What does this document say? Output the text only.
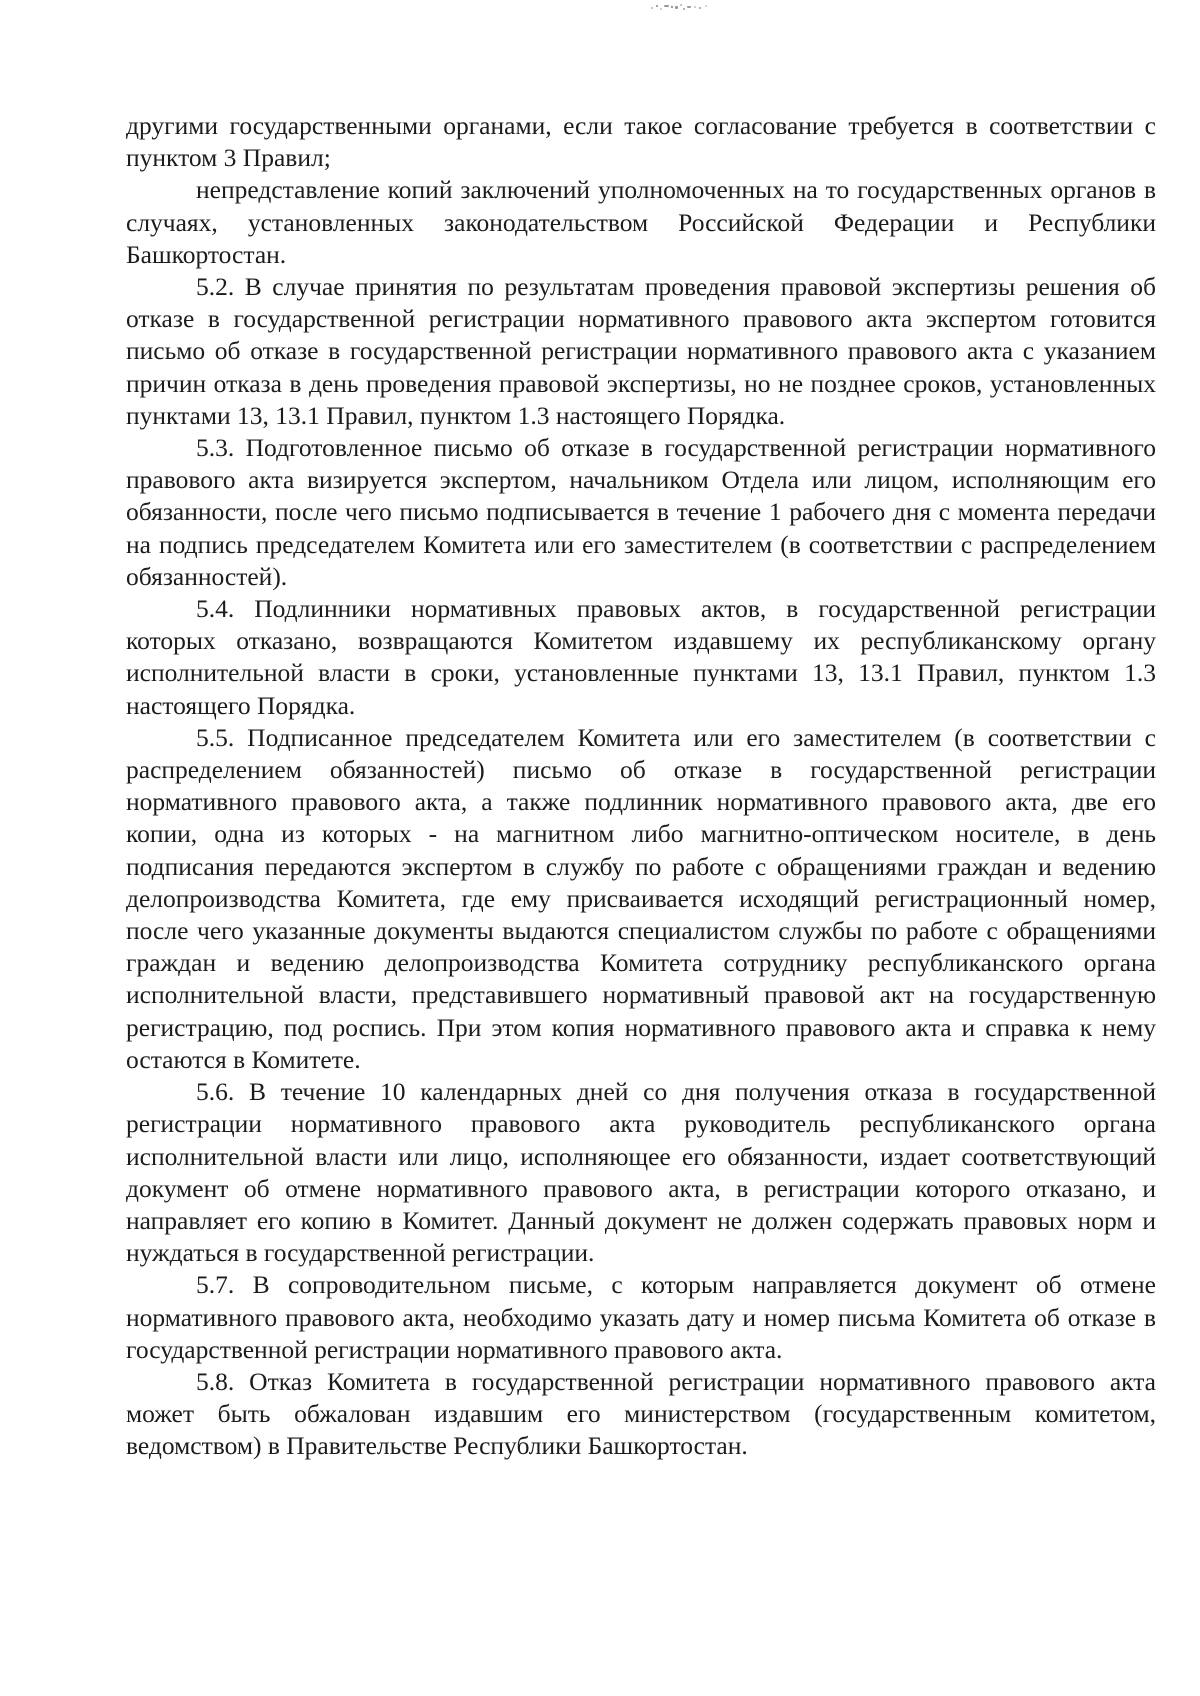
другими государственными органами, если такое согласование требуется в соответствии с пунктом 3 Правил;

непредставление копий заключений уполномоченных на то государственных органов в случаях, установленных законодательством Российской Федерации и Республики Башкортостан.

5.2. В случае принятия по результатам проведения правовой экспертизы решения об отказе в государственной регистрации нормативного правового акта экспертом готовится письмо об отказе в государственной регистрации нормативного правового акта с указанием причин отказа в день проведения правовой экспертизы, но не позднее сроков, установленных пунктами 13, 13.1 Правил, пунктом 1.3 настоящего Порядка.

5.3. Подготовленное письмо об отказе в государственной регистрации нормативного правового акта визируется экспертом, начальником Отдела или лицом, исполняющим его обязанности, после чего письмо подписывается в течение 1 рабочего дня с момента передачи на подпись председателем Комитета или его заместителем (в соответствии с распределением обязанностей).

5.4. Подлинники нормативных правовых актов, в государственной регистрации которых отказано, возвращаются Комитетом издавшему их республиканскому органу исполнительной власти в сроки, установленные пунктами 13, 13.1 Правил, пунктом 1.3 настоящего Порядка.

5.5. Подписанное председателем Комитета или его заместителем (в соответствии с распределением обязанностей) письмо об отказе в государственной регистрации нормативного правового акта, а также подлинник нормативного правового акта, две его копии, одна из которых - на магнитном либо магнитно-оптическом носителе, в день подписания передаются экспертом в службу по работе с обращениями граждан и ведению делопроизводства Комитета, где ему присваивается исходящий регистрационный номер, после чего указанные документы выдаются специалистом службы по работе с обращениями граждан и ведению делопроизводства Комитета сотруднику республиканского органа исполнительной власти, представившего нормативный правовой акт на государственную регистрацию, под роспись. При этом копия нормативного правового акта и справка к нему остаются в Комитете.

5.6. В течение 10 календарных дней со дня получения отказа в государственной регистрации нормативного правового акта руководитель республиканского органа исполнительной власти или лицо, исполняющее его обязанности, издает соответствующий документ об отмене нормативного правового акта, в регистрации которого отказано, и направляет его копию в Комитет. Данный документ не должен содержать правовых норм и нуждаться в государственной регистрации.

5.7. В сопроводительном письме, с которым направляется документ об отмене нормативного правового акта, необходимо указать дату и номер письма Комитета об отказе в государственной регистрации нормативного правового акта.

5.8. Отказ Комитета в государственной регистрации нормативного правового акта может быть обжалован издавшим его министерством (государственным комитетом, ведомством) в Правительстве Республики Башкортостан.
